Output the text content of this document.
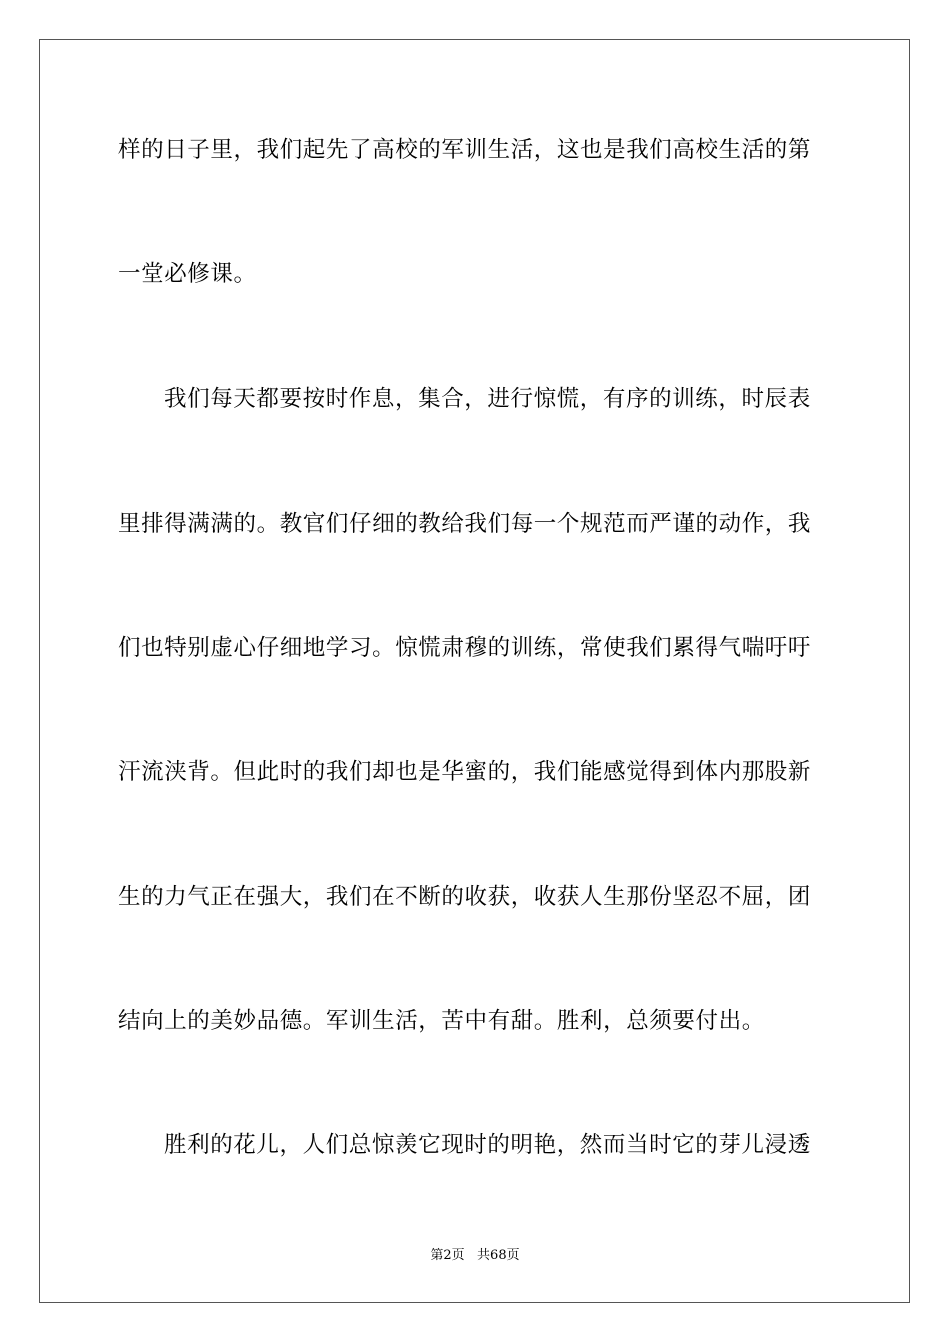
样的日子里，我们起先了高校的军训生活，这也是我们高校生活的第
一堂必修课。
我们每天都要按时作息，集合，进行惊慌，有序的训练，时辰表
里排得满满的。教官们仔细的教给我们每一个规范而严谨的动作，我
们也特别虚心仔细地学习。惊慌肃穆的训练，常使我们累得气喘吁吁
汗流浃背。但此时的我们却也是华蜜的，我们能感觉得到体内那股新
生的力气正在强大，我们在不断的收获，收获人生那份坚忍不屈，团
结向上的美妙品德。军训生活，苦中有甜。胜利，总须要付出。
胜利的花儿，人们总惊羡它现时的明艳，然而当时它的芽儿浸透
第2页   共68页
